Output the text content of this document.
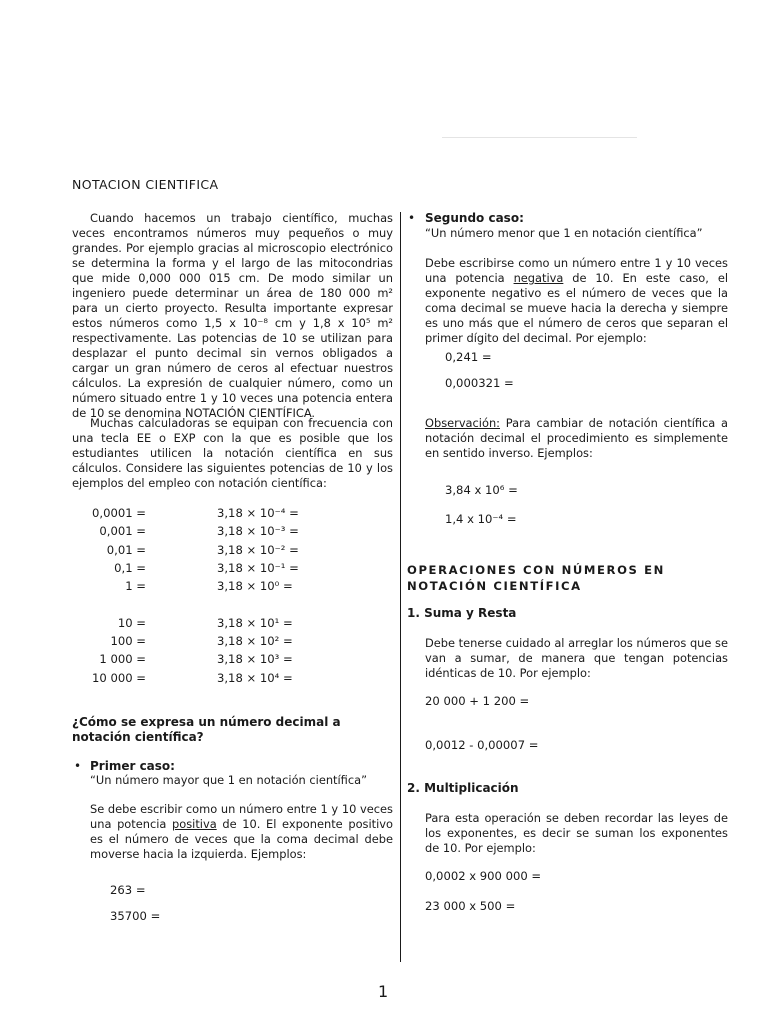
NOTACION CIENTIFICA
Cuando hacemos un trabajo científico, muchas veces encontramos números muy pequeños o muy grandes. Por ejemplo gracias al microscopio electrónico se determina la forma y el largo de las mitocondrias que mide 0,000 000 015 cm. De modo similar un ingeniero puede determinar un área de 180 000 m² para un cierto proyecto. Resulta importante expresar estos números como 1,5 x 10⁻⁸ cm y 1,8 x 10⁵ m² respectivamente. Las potencias de 10 se utilizan para desplazar el punto decimal sin vernos obligados a cargar un gran número de ceros al efectuar nuestros cálculos. La expresión de cualquier número, como un número situado entre 1 y 10 veces una potencia entera de 10 se denomina NOTACIÓN CIENTÍFICA.
Muchas calculadoras se equipan con frecuencia con una tecla EE o EXP con la que es posible que los estudiantes utilicen la notación científica en sus cálculos. Considere las siguientes potencias de 10 y los ejemplos del empleo con notación científica:
0,0001 =	3,18 × 10⁻⁴ =
0,001 =	3,18 × 10⁻³ =
0,01 =	3,18 × 10⁻² =
0,1 =	3,18 × 10⁻¹ =
1 =	3,18 × 10⁰ =
10 =	3,18 × 10¹ =
100 =	3,18 × 10² =
1 000 =	3,18 × 10³ =
10 000 =	3,18 × 10⁴ =
¿Cómo se expresa un número decimal a notación científica?
• Primer caso:
“Un número mayor que 1 en notación científica”
Se debe escribir como un número entre 1 y 10 veces una potencia positiva de 10. El exponente positivo es el número de veces que la coma decimal debe moverse hacia la izquierda. Ejemplos:
263 =
35700 =
• Segundo caso:
“Un número menor que 1 en notación científica”
Debe escribirse como un número entre 1 y 10 veces una potencia negativa de 10. En este caso, el exponente negativo es el número de veces que la coma decimal se mueve hacia la derecha y siempre es uno más que el número de ceros que separan el primer dígito del decimal. Por ejemplo:
0,241 =
0,000321 =
Observación: Para cambiar de notación científica a notación decimal el procedimiento es simplemente en sentido inverso. Ejemplos:
3,84 x 10⁶ =
1,4 x 10⁻⁴ =
OPERACIONES CON NÚMEROS EN NOTACIÓN CIENTÍFICA
1. Suma y Resta
Debe tenerse cuidado al arreglar los números que se van a sumar, de manera que tengan potencias idénticas de 10. Por ejemplo:
20 000 + 1 200 =
0,0012 - 0,00007 =
2. Multiplicación
Para esta operación se deben recordar las leyes de los exponentes, es decir se suman los exponentes de 10. Por ejemplo:
0,0002 x 900 000 =
23 000 x 500 =
1
